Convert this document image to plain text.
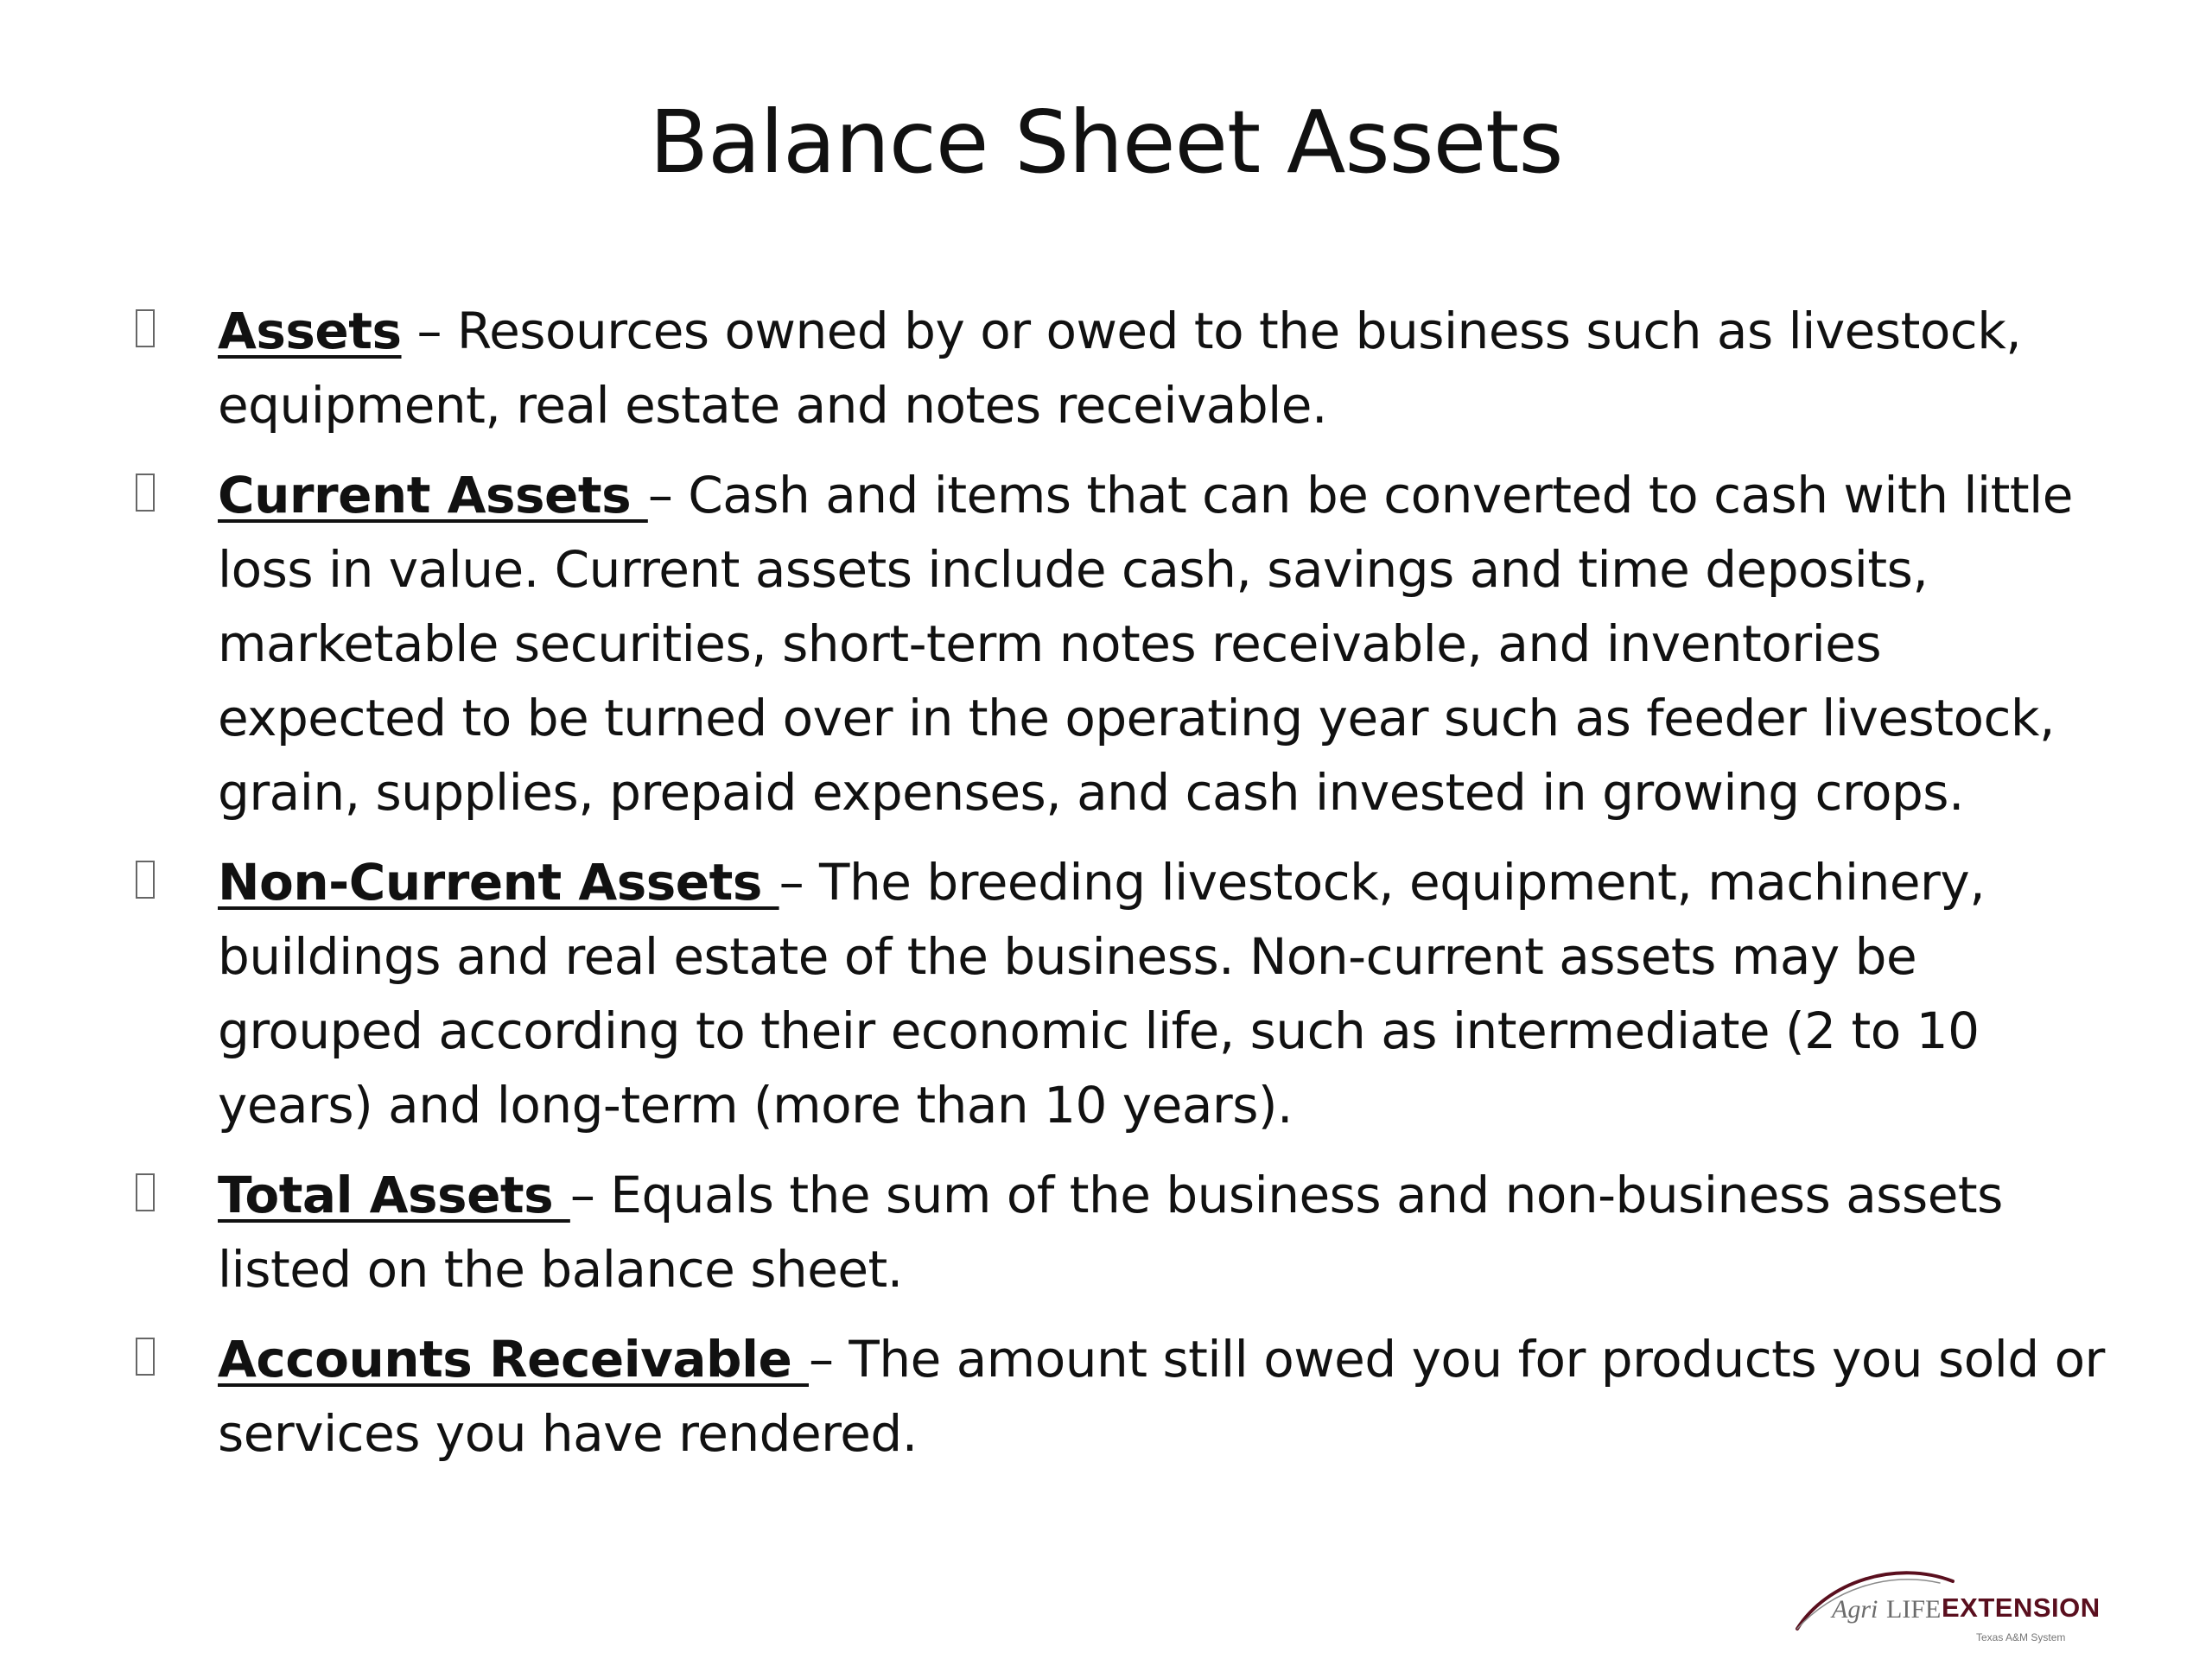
Balance Sheet Assets
Assets – Resources owned by or owed to the business such as livestock, equipment, real estate and notes receivable.
Current Assets – Cash and items that can be converted to cash with little loss in value. Current assets include cash, savings and time deposits, marketable securities, short-term notes receivable, and inventories expected to be turned over in the operating year such as feeder livestock, grain, supplies, prepaid expenses, and cash invested in growing crops.
Non-Current Assets – The breeding livestock, equipment, machinery, buildings and real estate of the business. Non-current assets may be grouped according to their economic life, such as intermediate (2 to 10 years) and long-term (more than 10 years).
Total Assets – Equals the sum of the business and non-business assets listed on the balance sheet.
Accounts Receivable – The amount still owed you for products you sold or services you have rendered.
Agri LIFE EXTENSION
Texas A&M System
